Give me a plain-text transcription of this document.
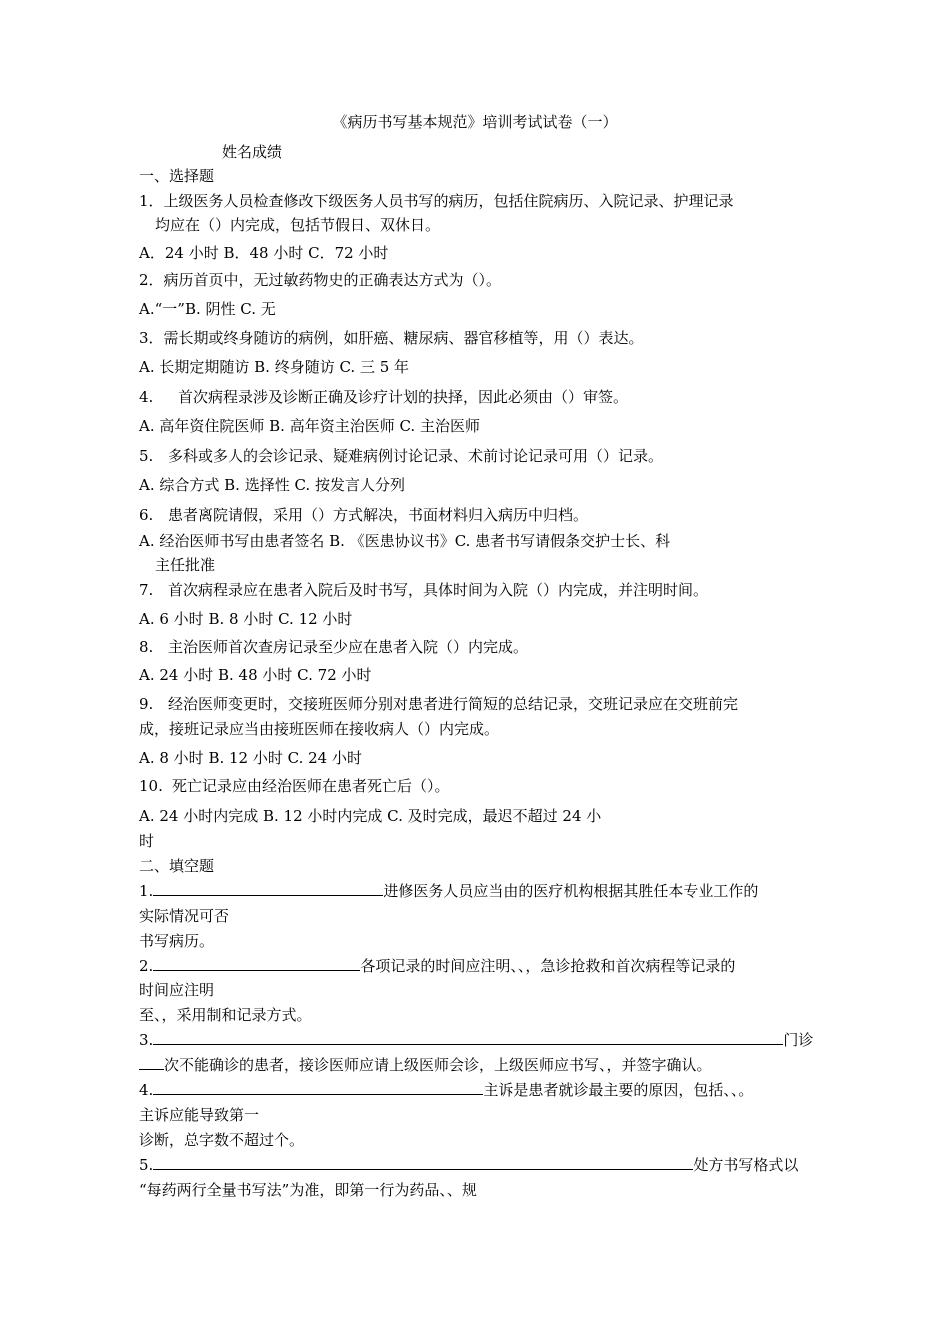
《病历书写基本规范》培训考试试卷（一）
姓名成绩
一、选择题
1．上级医务人员检查修改下级医务人员书写的病历，包括住院病历、入院记录、护理记录
均应在（）内完成，包括节假日、双休日。
A．24 小时 B．48 小时 C．72 小时
2．病历首页中，无过敏药物史的正确表达方式为（）。
A.“一”B. 阴性 C. 无
3．需长期或终身随访的病例，如肝癌、糖尿病、器官移植等，用（）表达。
A. 长期定期随访 B. 终身随访 C. 三 5 年
4. 首次病程录涉及诊断正确及诊疗计划的抉择，因此必须由（）审签。
A. 高年资住院医师 B. 高年资主治医师 C. 主治医师
5. 多科或多人的会诊记录、疑难病例讨论记录、术前讨论记录可用（）记录。
A. 综合方式 B. 选择性 C. 按发言人分列
6. 患者离院请假，采用（）方式解决，书面材料归入病历中归档。
A. 经治医师书写由患者签名 B. 《医患协议书》C. 患者书写请假条交护士长、科
主任批准
7. 首次病程录应在患者入院后及时书写，具体时间为入院（）内完成，并注明时间。
A. 6 小时 B. 8 小时 C. 12 小时
8. 主治医师首次查房记录至少应在患者入院（）内完成。
A. 24 小时 B. 48 小时 C. 72 小时
9. 经治医师变更时，交接班医师分别对患者进行简短的总结记录，交班记录应在交班前完
成，接班记录应当由接班医师在接收病人（）内完成。
A. 8 小时 B. 12 小时 C. 24 小时
10. 死亡记录应由经治医师在患者死亡后（）。
A. 24 小时内完成 B. 12 小时内完成 C. 及时完成，最迟不超过 24 小
时
二、填空题
1.	进修医务人员应当由的医疗机构根据其胜任本专业工作的
实际情况可否
书写病历。
2.	各项记录的时间应注明、、，急诊抢救和首次病程等记录的
时间应注明
至、，采用制和记录方式。
3.	门诊
次不能确诊的患者，接诊医师应请上级医师会诊，上级医师应书写、，并签字确认。
4.	主诉是患者就诊最主要的原因，包括、、。
主诉应能导致第一
诊断，总字数不超过个。
5.	处方书写格式以
“每药两行全量书写法”为准，即第一行为药品、、规
